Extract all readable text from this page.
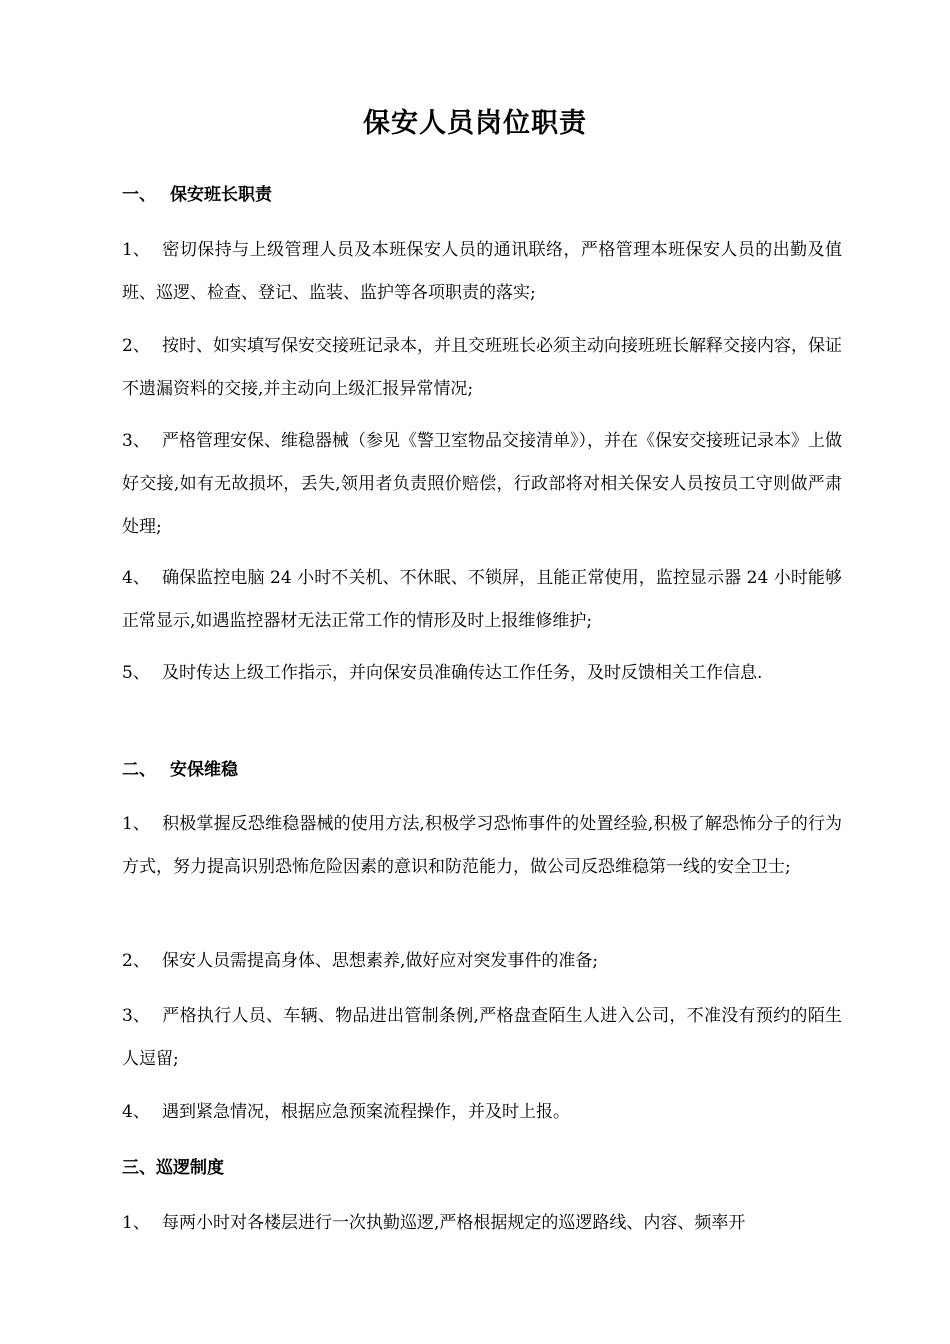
保安人员岗位职责
一、 保安班长职责

1、 密切保持与上级管理人员及本班保安人员的通讯联络，严格管理本班保安人员的出勤及值班、巡逻、检查、登记、监装、监护等各项职责的落实;

2、 按时、如实填写保安交接班记录本，并且交班班长必须主动向接班班长解释交接内容，保证不遗漏资料的交接,并主动向上级汇报异常情况;

3、 严格管理安保、维稳器械（参见《警卫室物品交接清单》），并在《保安交接班记录本》上做好交接,如有无故损坏，丢失,领用者负责照价赔偿，行政部将对相关保安人员按员工守则做严肃处理;

4、 确保监控电脑 24 小时不关机、不休眠、不锁屏，且能正常使用，监控显示器 24 小时能够正常显示,如遇监控器材无法正常工作的情形及时上报维修维护;

5、 及时传达上级工作指示，并向保安员准确传达工作任务，及时反馈相关工作信息.

二、 安保维稳

1、 积极掌握反恐维稳器械的使用方法,积极学习恐怖事件的处置经验,积极了解恐怖分子的行为方式，努力提高识别恐怖危险因素的意识和防范能力，做公司反恐维稳第一线的安全卫士;

2、 保安人员需提高身体、思想素养,做好应对突发事件的准备;

3、 严格执行人员、车辆、物品进出管制条例,严格盘查陌生人进入公司，不准没有预约的陌生人逗留;

4、 遇到紧急情况，根据应急预案流程操作，并及时上报。

三、巡逻制度

1、 每两小时对各楼层进行一次执勤巡逻,严格根据规定的巡逻路线、内容、频率开
